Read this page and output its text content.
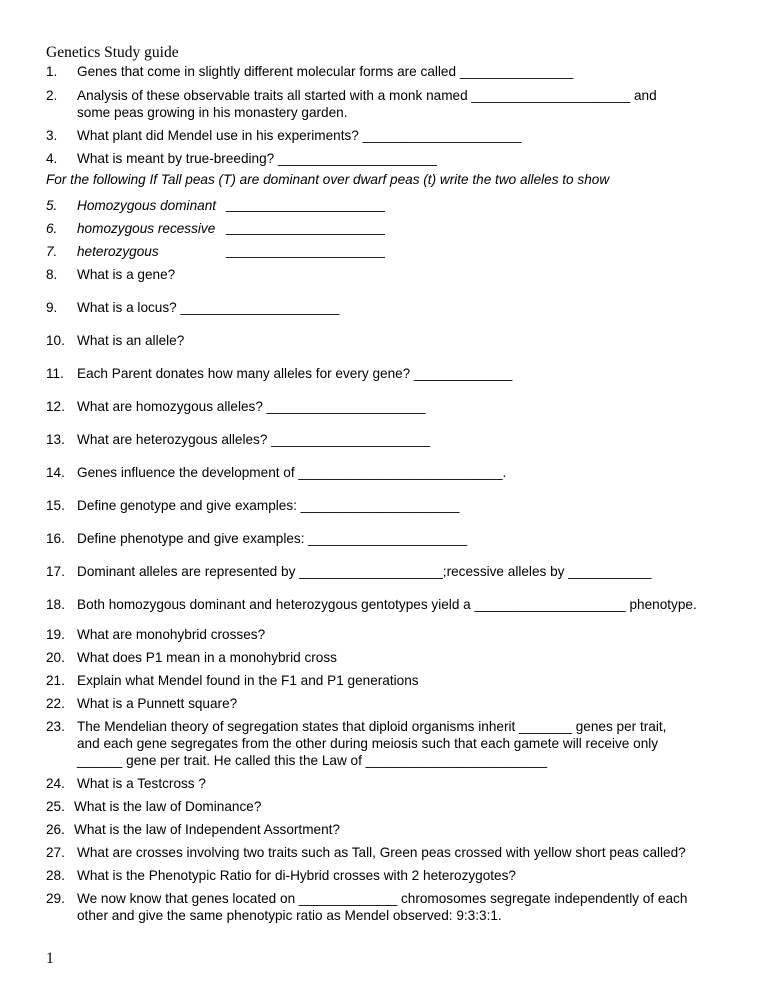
Genetics Study guide
1. Genes that come in slightly different molecular forms are called _______________
2. Analysis of these observable traits all started with a monk named _____________________ and
some peas growing in his monastery garden.
3. What plant did Mendel use in his experiments? _____________________
4. What is meant by true-breeding? _____________________
For the following If Tall peas (T) are dominant over dwarf peas (t) write the two alleles to show
5. Homozygous dominant _____________________
6. homozygous recessive _____________________
7. heterozygous	_____________________
8. What is a gene?
9. What is a locus? _____________________
10. What is an allele?
11. Each Parent donates how many alleles for every gene? _____________
12. What are homozygous alleles? _____________________
13. What are heterozygous alleles? _____________________
14. Genes influence the development of ___________________________.
15. Define genotype and give examples: _____________________
16. Define phenotype and give examples: _____________________
17. Dominant alleles are represented by ___________________;recessive alleles by ___________
18. Both homozygous dominant and heterozygous gentotypes yield a ____________________ phenotype.
19. What are monohybrid crosses?
20. What does P1 mean in a monohybrid cross
21. Explain what Mendel found in the F1 and P1 generations
22. What is a Punnett square?
23. The Mendelian theory of segregation states that diploid organisms inherit _______ genes per trait,
and each gene segregates from the other during meiosis such that each gamete will receive only
______ gene per trait. He called this the Law of ________________________
24. What is a Testcross ?
25. What is the law of Dominance?
26. What is the law of Independent Assortment?
27. What are crosses involving two traits such as Tall, Green peas crossed with yellow short peas called?
28. What is the Phenotypic Ratio for di-Hybrid crosses with 2 heterozygotes?
29. We now know that genes located on _____________ chromosomes segregate independently of each
other and give the same phenotypic ratio as Mendel observed: 9:3:3:1.
1
